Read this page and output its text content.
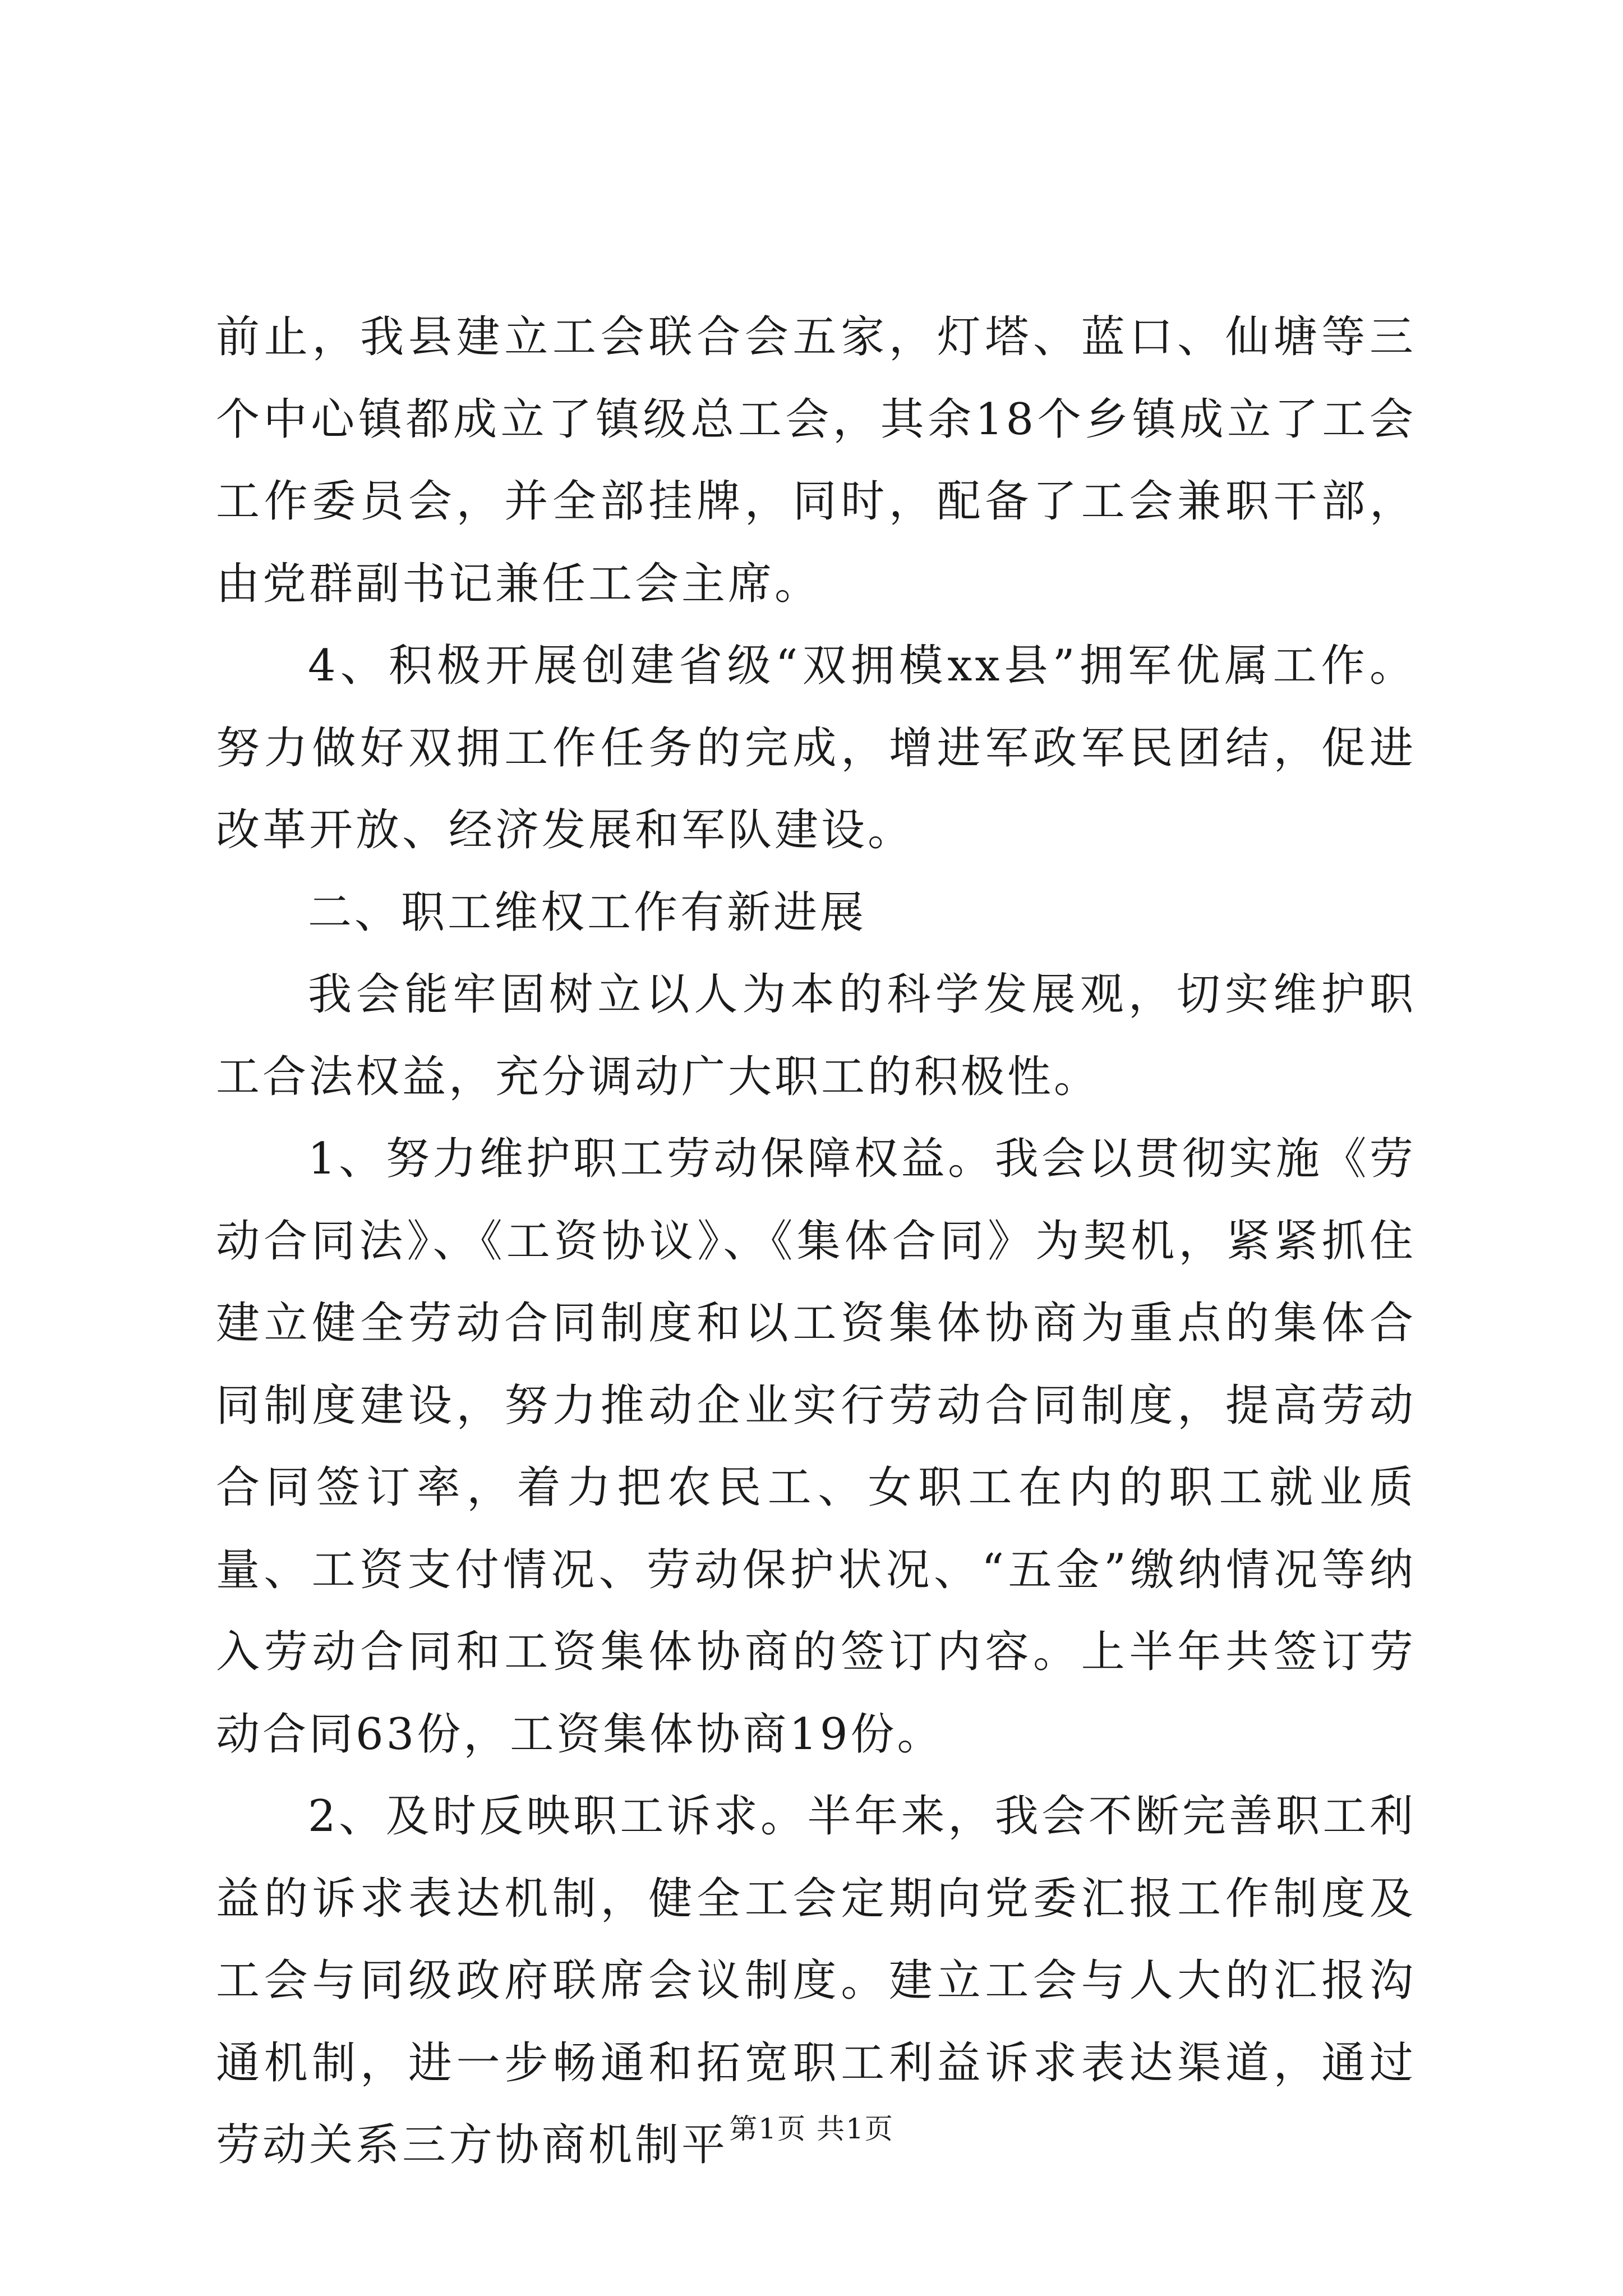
前止，我县建立工会联合会五家，灯塔、蓝口、仙塘等三个中心镇都成立了镇级总工会，其余18个乡镇成立了工会工作委员会，并全部挂牌，同时，配备了工会兼职干部，由党群副书记兼任工会主席。

4、积极开展创建省级“双拥模xx县”拥军优属工作。努力做好双拥工作任务的完成，增进军政军民团结，促进改革开放、经济发展和军队建设。

二、职工维权工作有新进展

我会能牢固树立以人为本的科学发展观，切实维护职工合法权益，充分调动广大职工的积极性。

1、努力维护职工劳动保障权益。我会以贯彻实施《劳动合同法》、《工资协议》、《集体合同》为契机，紧紧抓住建立健全劳动合同制度和以工资集体协商为重点的集体合同制度建设，努力推动企业实行劳动合同制度，提高劳动合同签订率，着力把农民工、女职工在内的职工就业质量、工资支付情况、劳动保护状况、“五金”缴纳情况等纳入劳动合同和工资集体协商的签订内容。上半年共签订劳动合同63份，工资集体协商19份。

2、及时反映职工诉求。半年来，我会不断完善职工利益的诉求表达机制，健全工会定期向党委汇报工作制度及工会与同级政府联席会议制度。建立工会与人大的汇报沟通机制，进一步畅通和拓宽职工利益诉求表达渠道，通过劳动关系三方协商机制平 第1页 共1页
